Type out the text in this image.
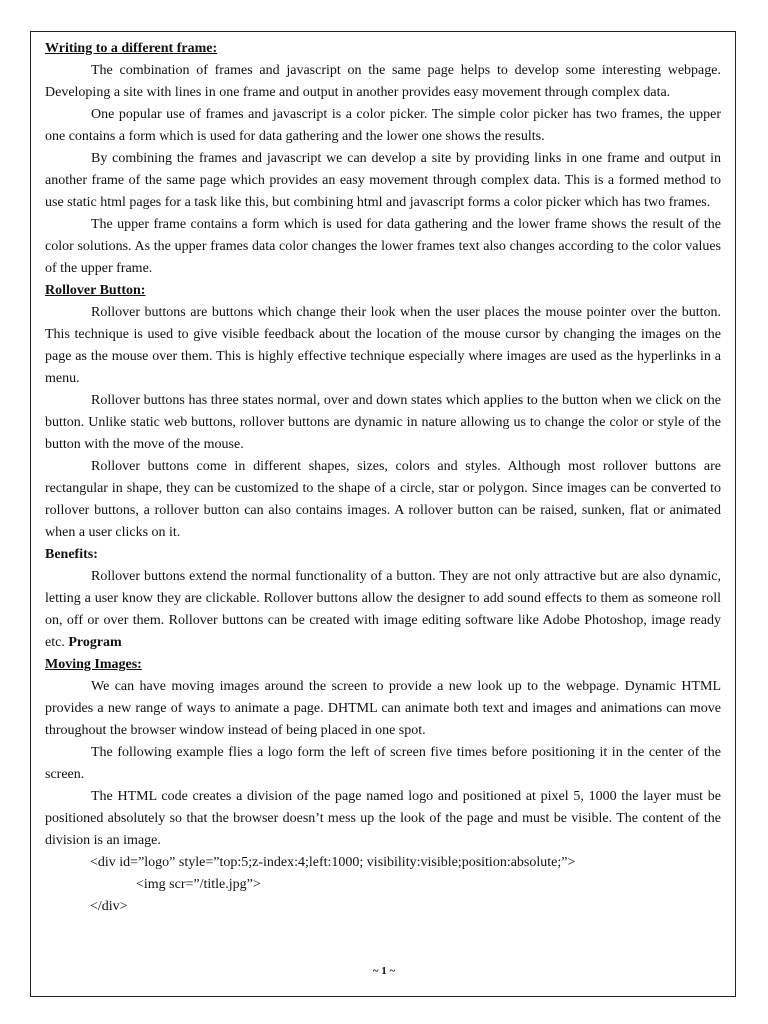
Writing to a different frame:

The combination of frames and javascript on the same page helps to develop some interesting webpage. Developing a site with lines in one frame and output in another provides easy movement through complex data.

One popular use of frames and javascript is a color picker. The simple color picker has two frames, the upper one contains a form which is used for data gathering and the lower one shows the results.

By combining the frames and javascript we can develop a site by providing links in one frame and output in another frame of the same page which provides an easy movement through complex data. This is a formed method to use static html pages for a task like this, but combining html and javascript forms a color picker which has two frames.

The upper frame contains a form which is used for data gathering and the lower frame shows the result of the color solutions. As the upper frames data color changes the lower frames text also changes according to the color values of the upper frame.

Rollover Button:

Rollover buttons are buttons which change their look when the user places the mouse pointer over the button. This technique is used to give visible feedback about the location of the mouse cursor by changing the images on the page as the mouse over them. This is highly effective technique especially where images are used as the hyperlinks in a menu.

Rollover buttons has three states normal, over and down states which applies to the button when we click on the button. Unlike static web buttons, rollover buttons are dynamic in nature allowing us to change the color or style of the button with the move of the mouse.

Rollover buttons come in different shapes, sizes, colors and styles. Although most rollover buttons are rectangular in shape, they can be customized to the shape of a circle, star or polygon. Since images can be converted to rollover buttons, a rollover button can also contains images. A rollover button can be raised, sunken, flat or animated when a user clicks on it.

Benefits:

Rollover buttons extend the normal functionality of a button. They are not only attractive but are also dynamic, letting a user know they are clickable. Rollover buttons allow the designer to add sound effects to them as someone roll on, off or over them. Rollover buttons can be created with image editing software like Adobe Photoshop, image ready etc. Program

Moving Images:

We can have moving images around the screen to provide a new look up to the webpage. Dynamic HTML provides a new range of ways to animate a page. DHTML can animate both text and images and animations can move throughout the browser window instead of being placed in one spot.

The following example flies a logo form the left of screen five times before positioning it in the center of the screen.

The HTML code creates a division of the page named logo and positioned at pixel 5, 1000 the layer must be positioned absolutely so that the browser doesn’t mess up the look of the page and must be visible. The content of the division is an image.

<div id=”logo” style=”top:5;z-index:4;left:1000; visibility:visible;position:absolute;”>

<img scr=”/title.jpg”>

</div>

~ 1 ~
